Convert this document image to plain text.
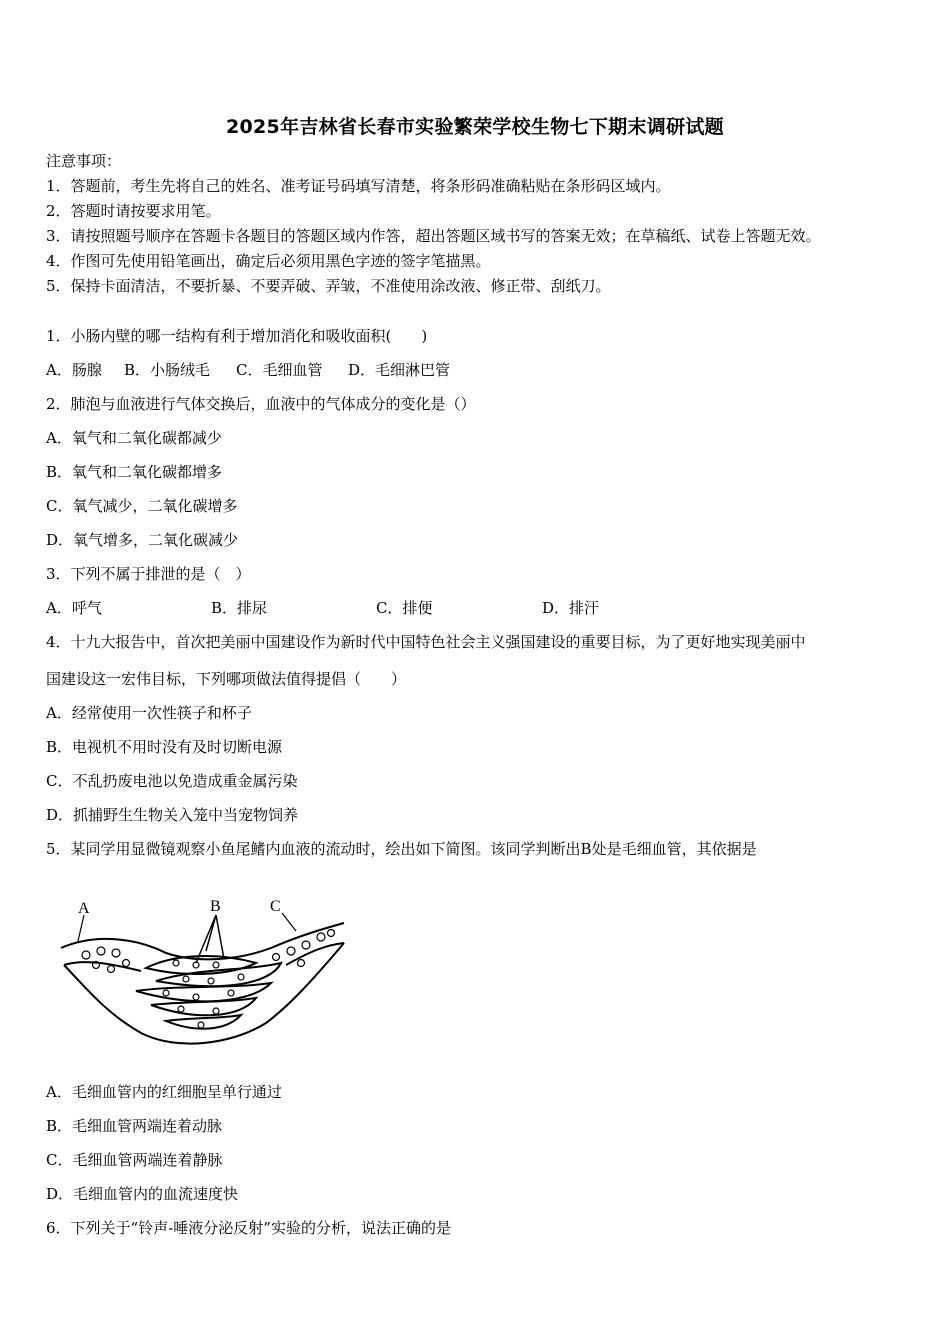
2025年吉林省长春市实验繁荣学校生物七下期末调研试题
注意事项：
1．答题前，考生先将自己的姓名、准考证号码填写清楚，将条形码准确粘贴在条形码区域内。
2．答题时请按要求用笔。
3．请按照题号顺序在答题卡各题目的答题区域内作答，超出答题区域书写的答案无效；在草稿纸、试卷上答题无效。
4．作图可先使用铅笔画出，确定后必须用黑色字迹的签字笔描黑。
5．保持卡面清洁，不要折暴、不要弄破、弄皱，不准使用涂改液、修正带、刮纸刀。
1．小肠内壁的哪一结构有利于增加消化和吸收面积(　　)
A．肠腺 B．小肠绒毛 C．毛细血管 D．毛细淋巴管
2．肺泡与血液进行气体交换后，血液中的气体成分的变化是（）
A．氧气和二氧化碳都减少
B．氧气和二氧化碳都增多
C．氧气减少，二氧化碳增多
D．氧气增多，二氧化碳减少
3．下列不属于排泄的是（　）
A．呼气	B．排尿	C．排便	D．排汗
4．十九大报告中，首次把美丽中国建设作为新时代中国特色社会主义强国建设的重要目标，为了更好地实现美丽中
国建设这一宏伟目标，下列哪项做法值得提倡（　　）
A．经常使用一次性筷子和杯子
B．电视机不用时没有及时切断电源
C．不乱扔废电池以免造成重金属污染
D．抓捕野生生物关入笼中当宠物饲养
5．某同学用显微镜观察小鱼尾鳍内血液的流动时，绘出如下简图。该同学判断出B处是毛细血管，其依据是
A	B	C
A．毛细血管内的红细胞呈单行通过
B．毛细血管两端连着动脉
C．毛细血管两端连着静脉
D．毛细血管内的血流速度快
6．下列关于“铃声-唾液分泌反射”实验的分析，说法正确的是
